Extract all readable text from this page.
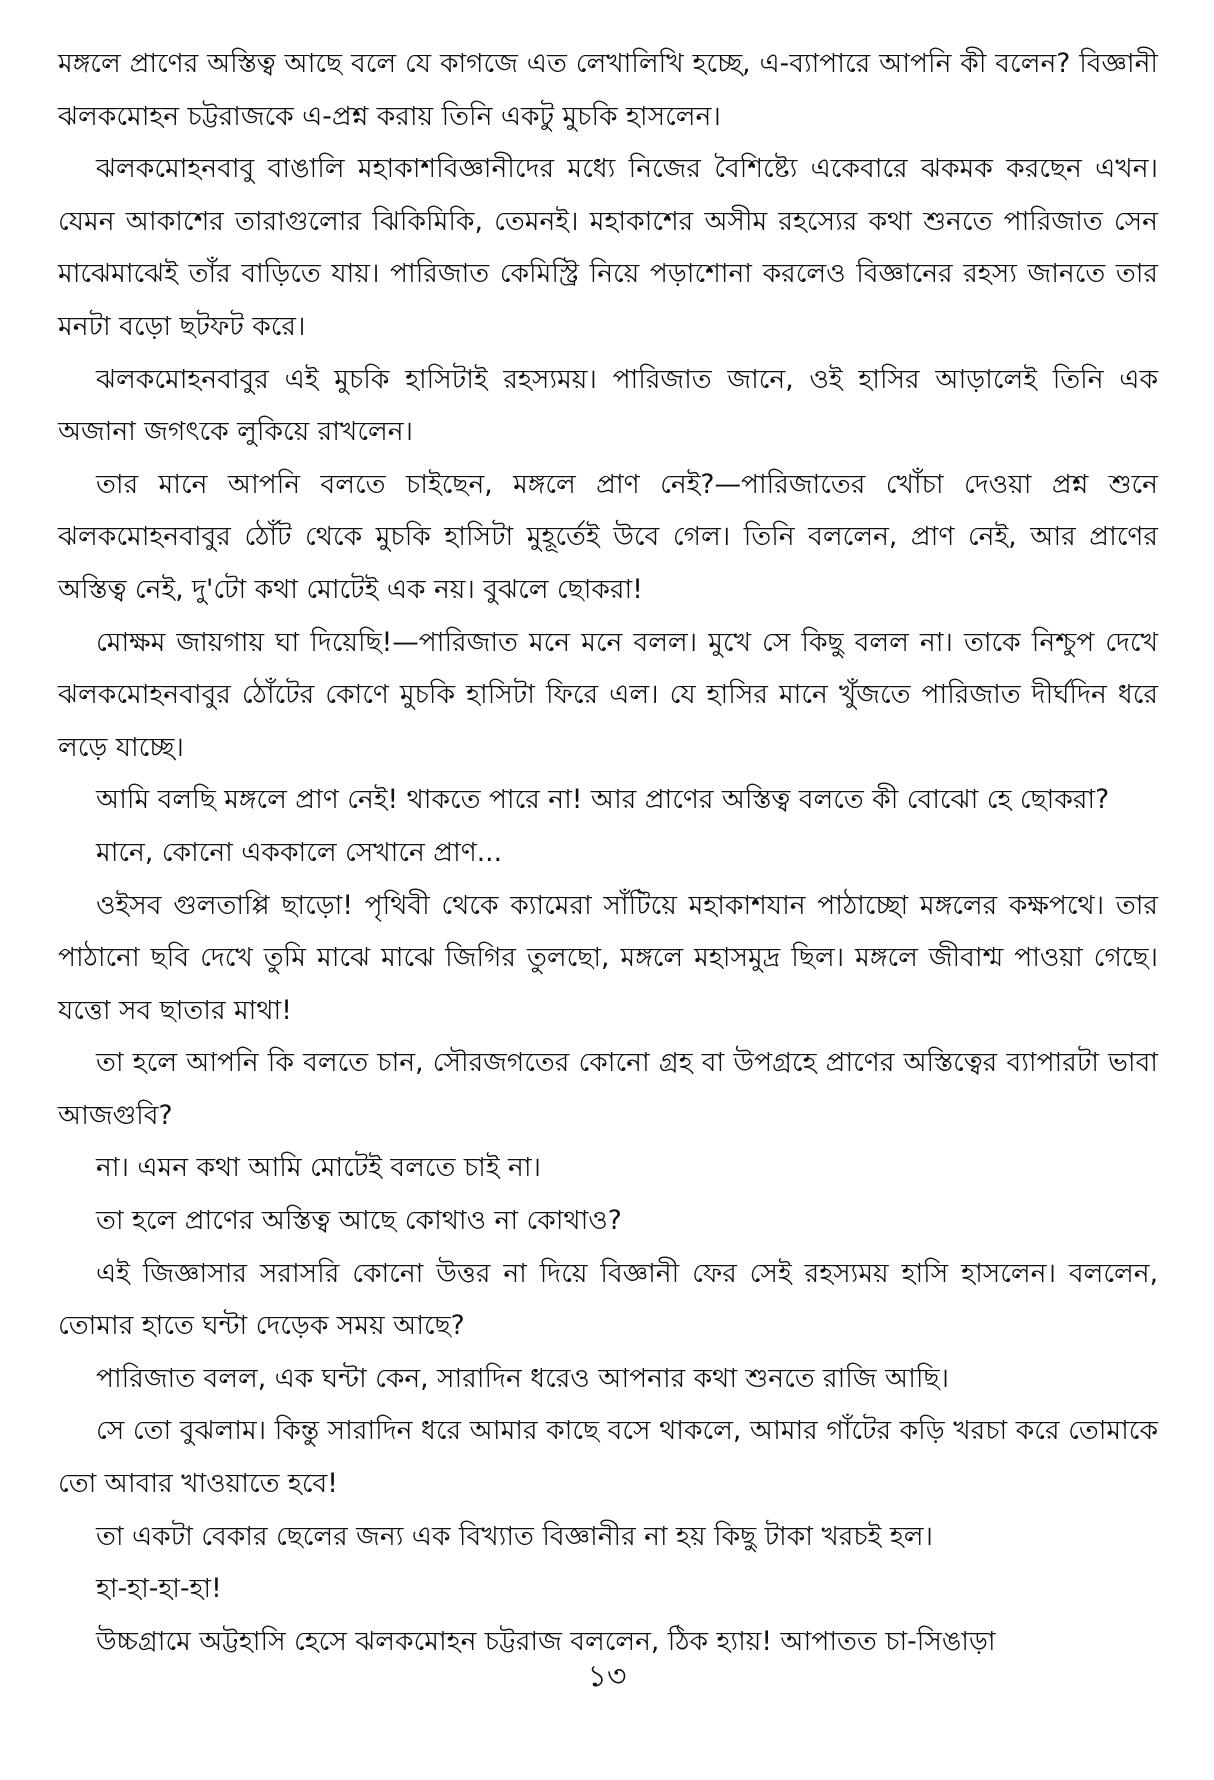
মঙ্গলে প্রাণের অস্তিত্ব আছে বলে যে কাগজে এত লেখালিখি হচ্ছে, এ-ব্যাপারে আপনি কী বলেন? বিজ্ঞানী ঝলকমোহন চট্টরাজকে এ-প্রশ্ন করায় তিনি একটু মুচকি হাসলেন।

ঝলকমোহনবাবু বাঙালি মহাকাশবিজ্ঞানীদের মধ্যে নিজের বৈশিষ্ট্যে একেবারে ঝকমক করছেন এখন। যেমন আকাশের তারাগুলোর ঝিকিমিকি, তেমনই। মহাকাশের অসীম রহস্যের কথা শুনতে পারিজাত সেন মাঝেমাঝেই তাঁর বাড়িতে যায়। পারিজাত কেমিস্ট্রি নিয়ে পড়াশোনা করলেও বিজ্ঞানের রহস্য জানতে তার মনটা বড়ো ছটফট করে।

ঝলকমোহনবাবুর এই মুচকি হাসিটাই রহস্যময়। পারিজাত জানে, ওই হাসির আড়ালেই তিনি এক অজানা জগৎকে লুকিয়ে রাখলেন।

তার মানে আপনি বলতে চাইছেন, মঙ্গলে প্রাণ নেই?—পারিজাতের খোঁচা দেওয়া প্রশ্ন শুনে ঝলকমোহনবাবুর ঠোঁট থেকে মুচকি হাসিটা মুহূর্তেই উবে গেল। তিনি বললেন, প্রাণ নেই, আর প্রাণের অস্তিত্ব নেই, দু'টো কথা মোটেই এক নয়। বুঝলে ছোকরা!

মোক্ষম জায়গায় ঘা দিয়েছি!—পারিজাত মনে মনে বলল। মুখে সে কিছু বলল না। তাকে নিশ্চুপ দেখে ঝলকমোহনবাবুর ঠোঁটের কোণে মুচকি হাসিটা ফিরে এল। যে হাসির মানে খুঁজতে পারিজাত দীর্ঘদিন ধরে লড়ে যাচ্ছে।

আমি বলছি মঙ্গলে প্রাণ নেই! থাকতে পারে না! আর প্রাণের অস্তিত্ব বলতে কী বোঝো হে ছোকরা?

মানে, কোনো এককালে সেখানে প্রাণ...

ওইসব গুলতাপ্পি ছাড়ো! পৃথিবী থেকে ক্যামেরা সাঁটিয়ে মহাকাশযান পাঠাচ্ছো মঙ্গলের কক্ষপথে। তার পাঠানো ছবি দেখে তুমি মাঝে মাঝে জিগির তুলছো, মঙ্গলে মহাসমুদ্র ছিল। মঙ্গলে জীবাশ্ম পাওয়া গেছে। যত্তো সব ছাতার মাথা!

তা হলে আপনি কি বলতে চান, সৌরজগতের কোনো গ্রহ বা উপগ্রহে প্রাণের অস্তিত্বের ব্যাপারটা ভাবা আজগুবি?

না। এমন কথা আমি মোটেই বলতে চাই না।

তা হলে প্রাণের অস্তিত্ব আছে কোথাও না কোথাও?

এই জিজ্ঞাসার সরাসরি কোনো উত্তর না দিয়ে বিজ্ঞানী ফের সেই রহস্যময় হাসি হাসলেন। বললেন, তোমার হাতে ঘন্টা দেড়েক সময় আছে?

পারিজাত বলল, এক ঘন্টা কেন, সারাদিন ধরেও আপনার কথা শুনতে রাজি আছি।

সে তো বুঝলাম। কিন্তু সারাদিন ধরে আমার কাছে বসে থাকলে, আমার গাঁটের কড়ি খরচা করে তোমাকে তো আবার খাওয়াতে হবে!

তা একটা বেকার ছেলের জন্য এক বিখ্যাত বিজ্ঞানীর না হয় কিছু টাকা খরচই হল।

হা-হা-হা-হা!

উচ্চগ্রামে অট্টহাসি হেসে ঝলকমোহন চট্টরাজ বললেন, ঠিক হ্যায়! আপাতত চা-সিঙাড়া

১৩
